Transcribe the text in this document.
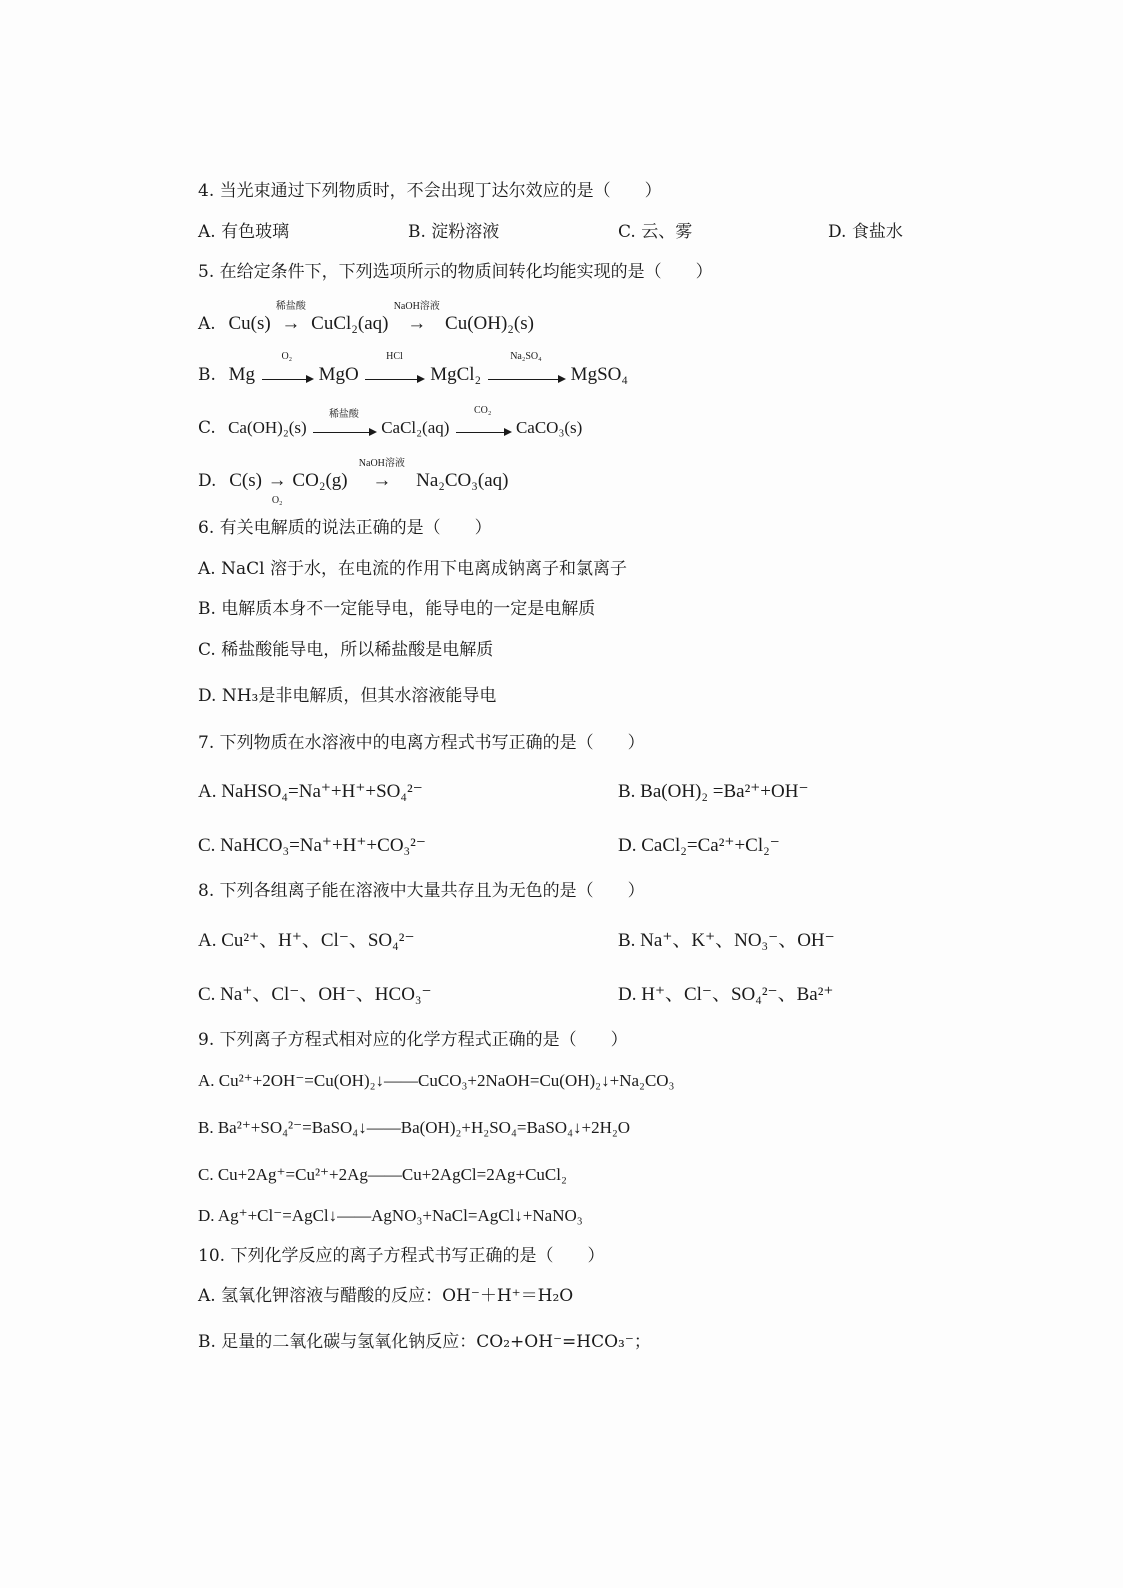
4. 当光束通过下列物质时，不会出现丁达尔效应的是（　　）
A. 有色玻璃	B. 淀粉溶液	C. 云、雾	D. 食盐水
5. 在给定条件下，下列选项所示的物质间转化均能实现的是（　　）
A. Cu(s) →
稀盐酸
CuCl₂(aq) →
NaOH溶液
Cu(OH)₂(s)
B. Mg
O₂
MgO
HCl
MgCl₂
Na₂SO₄
MgSO₄
C. Ca(OH)₂(s)
稀盐酸
CaCl₂(aq)
CO₂
CaCO₃(s)
D. C(s) →
O₂
CO₂(g) →
NaOH溶液
Na₂CO₃(aq)
6. 有关电解质的说法正确的是（　　）
A. NaCl 溶于水，在电流的作用下电离成钠离子和氯离子
B. 电解质本身不一定能导电，能导电的一定是电解质
C. 稀盐酸能导电，所以稀盐酸是电解质
D. NH₃是非电解质，但其水溶液能导电
7. 下列物质在水溶液中的电离方程式书写正确的是（　　）
A. NaHSO₄=Na⁺+H⁺+SO₄²⁻	B. Ba(OH)₂ =Ba²⁺+OH⁻
C. NaHCO₃=Na⁺+H⁺+CO₃²⁻	D. CaCl₂=Ca²⁺+Cl₂⁻
8. 下列各组离子能在溶液中大量共存且为无色的是（　　）
A. Cu²⁺、H⁺、Cl⁻、SO₄²⁻	B. Na⁺、K⁺、NO₃⁻、OH⁻
C. Na⁺、Cl⁻、OH⁻、HCO₃⁻	D. H⁺、Cl⁻、SO₄²⁻、Ba²⁺
9. 下列离子方程式相对应的化学方程式正确的是（　　）
A. Cu²⁺+2OH⁻=Cu(OH)₂↓——CuCO₃+2NaOH=Cu(OH)₂↓+Na₂CO₃
B. Ba²⁺+SO₄²⁻=BaSO₄↓——Ba(OH)₂+H₂SO₄=BaSO₄↓+2H₂O
C. Cu+2Ag⁺=Cu²⁺+2Ag——Cu+2AgCl=2Ag+CuCl₂
D. Ag⁺+Cl⁻=AgCl↓——AgNO₃+NaCl=AgCl↓+NaNO₃
10. 下列化学反应的离子方程式书写正确的是（　　）
A. 氢氧化钾溶液与醋酸的反应：OH⁻＋H⁺＝H₂O
B. 足量的二氧化碳与氢氧化钠反应：CO₂+OH⁻=HCO₃⁻；
